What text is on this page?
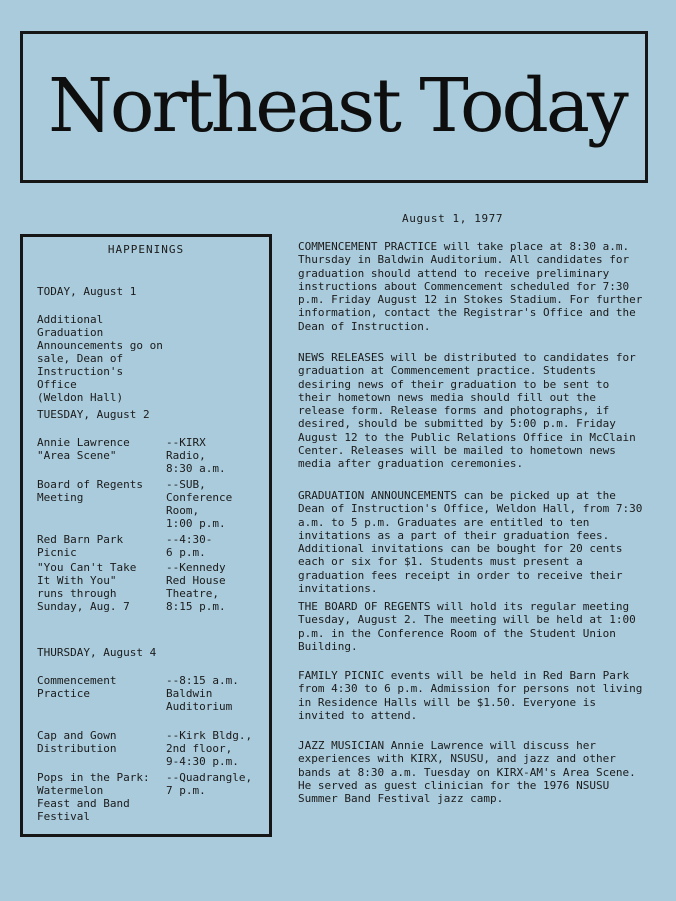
Northeast Today
August 1, 1977
HAPPENINGS
TODAY, August 1
Additional Graduation
Announcements go on
sale, Dean of
Instruction's Office
(Weldon Hall)
TUESDAY, August 2
Annie Lawrence
"Area Scene"
--KIRX
Radio,
8:30 a.m.
Board of Regents
Meeting
--SUB,
Conference
Room,
1:00 p.m.
Red Barn Park
Picnic
--4:30-
6 p.m.
"You Can't Take
It With You"
runs through
Sunday, Aug. 7
--Kennedy
Red House
Theatre,
8:15 p.m.
THURSDAY, August 4
Commencement
Practice
--8:15 a.m.
Baldwin
Auditorium
Cap and Gown
Distribution
--Kirk Bldg.,
2nd floor,
9-4:30 p.m.
Pops in the Park:
Watermelon
Feast and Band
Festival
--Quadrangle,
7 p.m.

COMMENCEMENT PRACTICE will take place at 8:30 a.m. Thursday in Baldwin Auditorium. All candidates for graduation should attend to receive preliminary instructions about Commencement scheduled for 7:30 p.m. Friday August 12 in Stokes Stadium. For further information, contact the Registrar's Office and the Dean of Instruction.

NEWS RELEASES will be distributed to candidates for graduation at Commencement practice. Students desiring news of their graduation to be sent to their hometown news media should fill out the release form. Release forms and photographs, if desired, should be submitted by 5:00 p.m. Friday August 12 to the Public Relations Office in McClain Center. Releases will be mailed to hometown news media after graduation ceremonies.

GRADUATION ANNOUNCEMENTS can be picked up at the Dean of Instruction's Office, Weldon Hall, from 7:30 a.m. to 5 p.m. Graduates are entitled to ten invitations as a part of their graduation fees. Additional invitations can be bought for 20 cents each or six for $1. Students must present a graduation fees receipt in order to receive their invitations.

THE BOARD OF REGENTS will hold its regular meeting Tuesday, August 2. The meeting will be held at 1:00 p.m. in the Conference Room of the Student Union Building.

FAMILY PICNIC events will be held in Red Barn Park from 4:30 to 6 p.m. Admission for persons not living in Residence Halls will be $1.50. Everyone is invited to attend.

JAZZ MUSICIAN Annie Lawrence will discuss her experiences with KIRX, NSUSU, and jazz and other bands at 8:30 a.m. Tuesday on KIRX-AM's Area Scene. He served as guest clinician for the 1976 NSUSU Summer Band Festival jazz camp.
